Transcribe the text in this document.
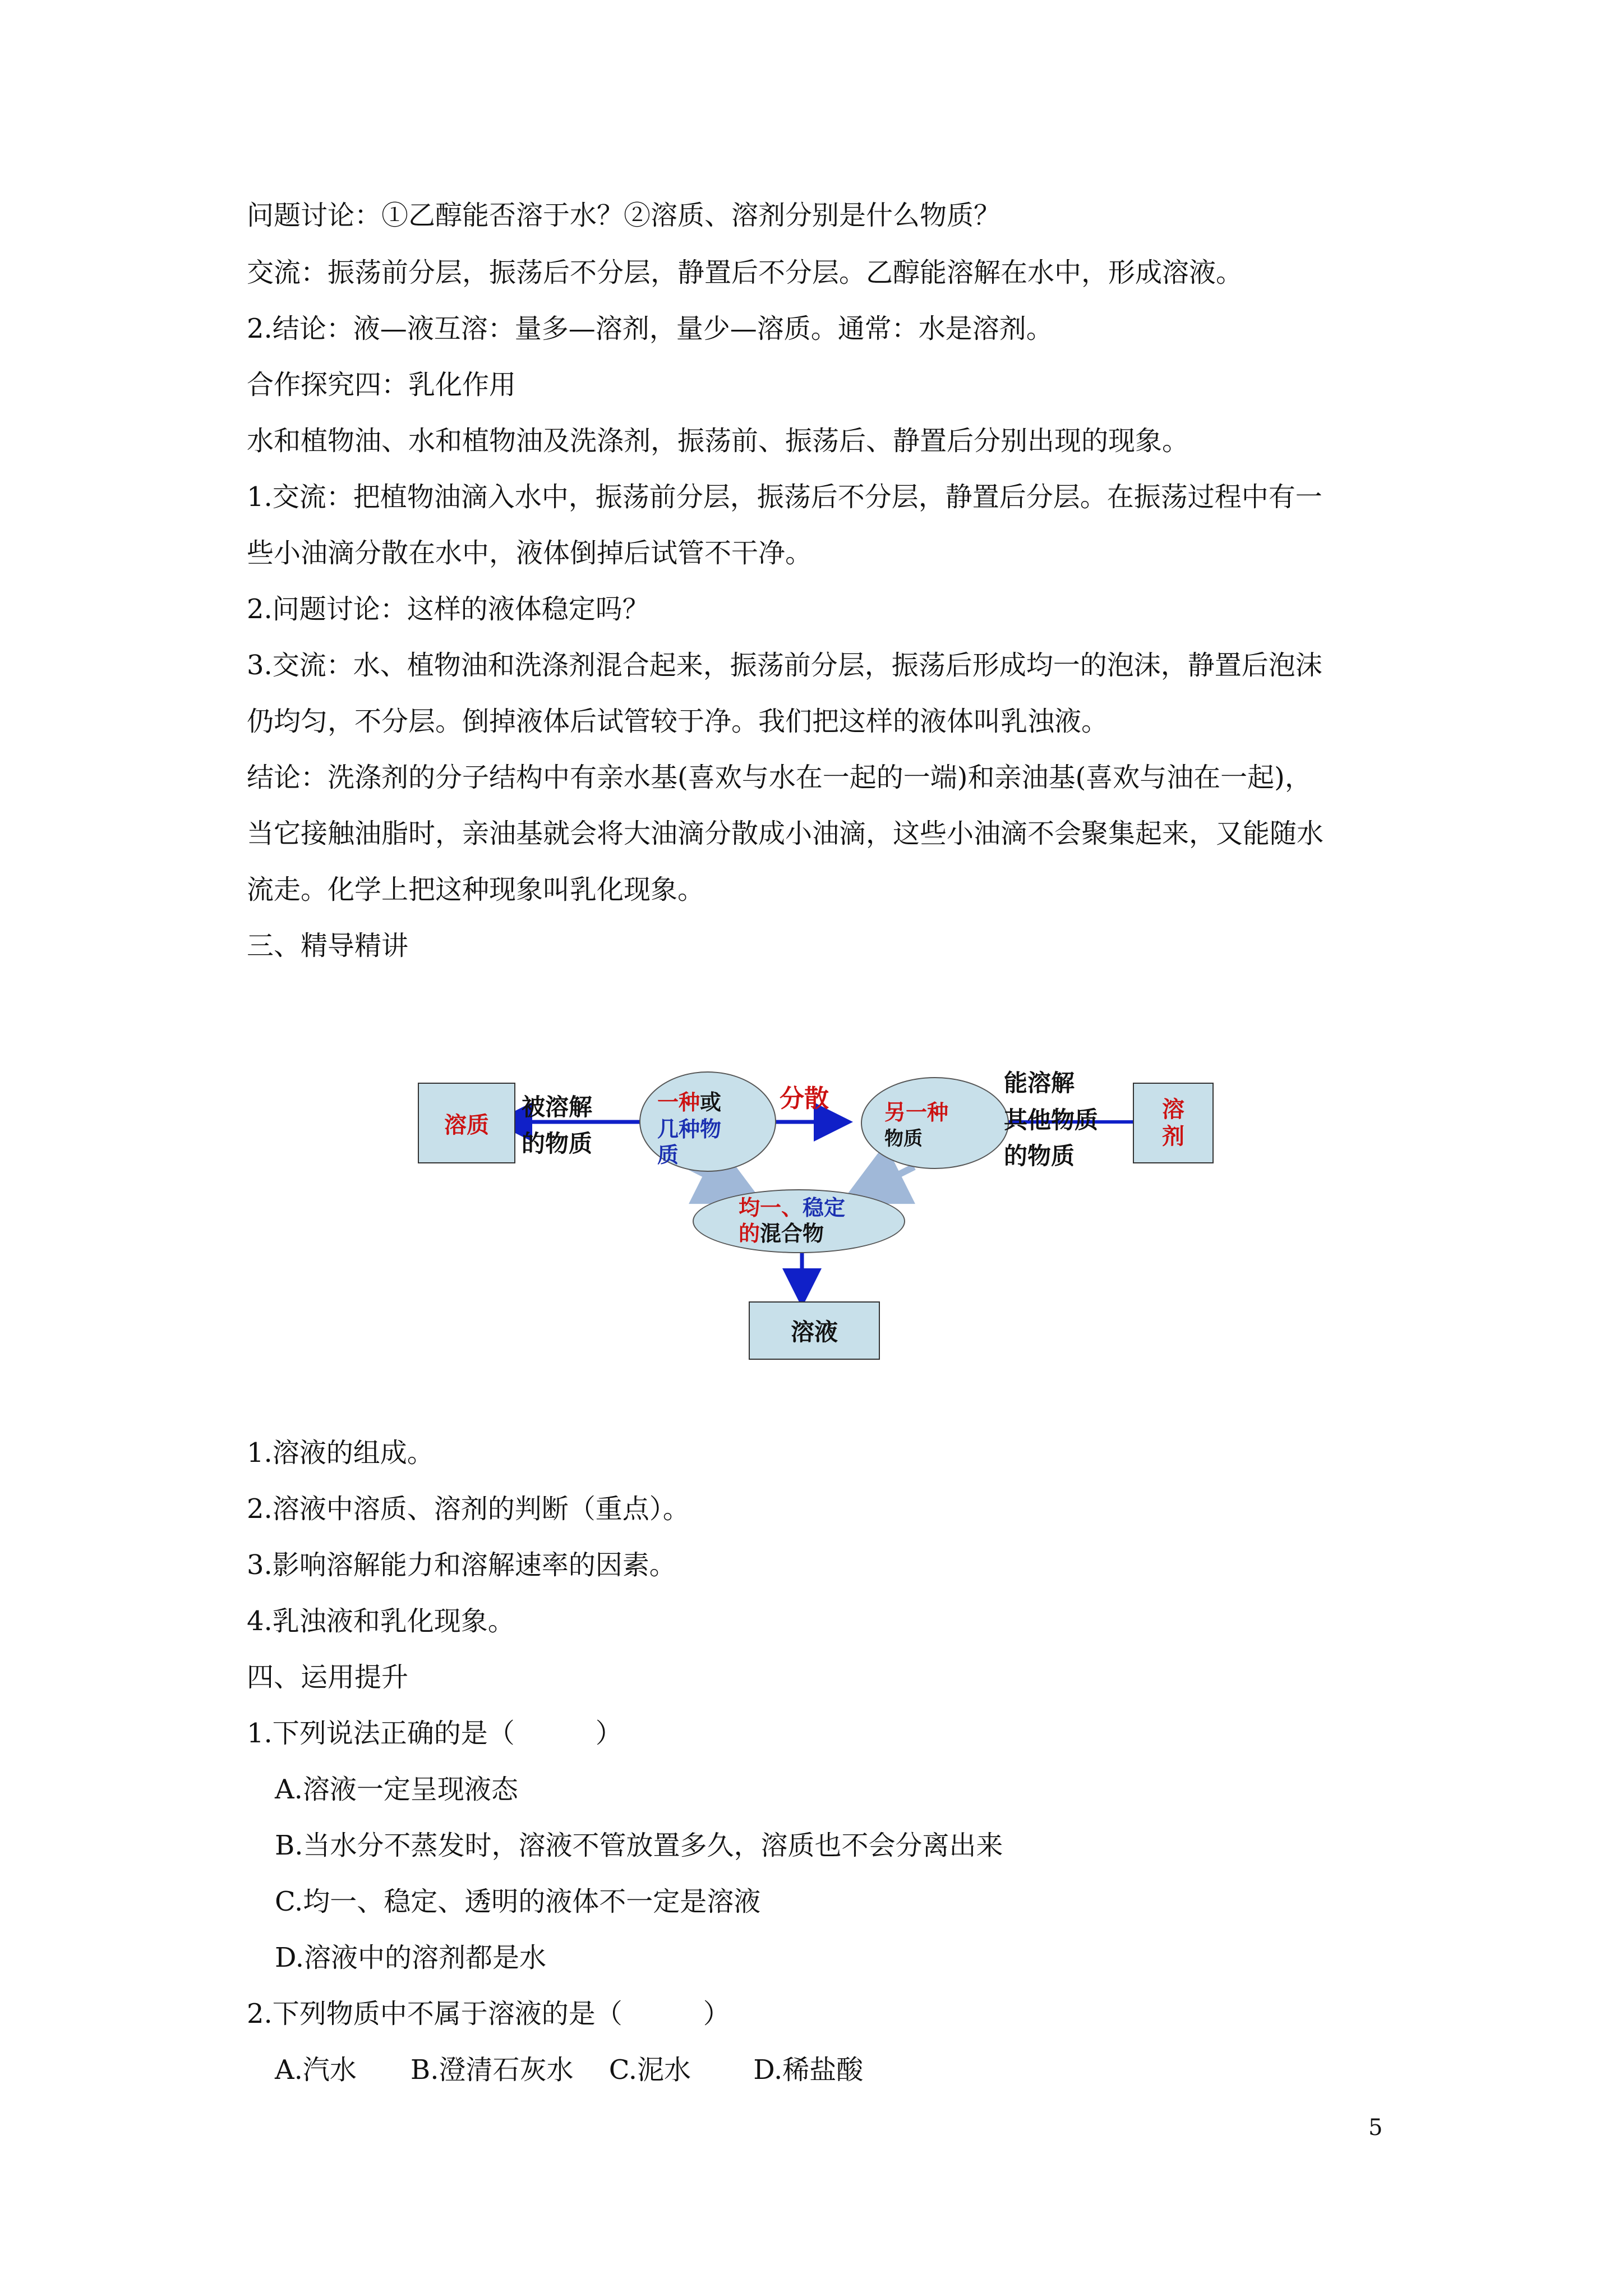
问题讨论：①乙醇能否溶于水？②溶质、溶剂分别是什么物质？
交流：振荡前分层，振荡后不分层，静置后不分层。乙醇能溶解在水中，形成溶液。
2.结论：液—液互溶：量多—溶剂，量少—溶质。通常：水是溶剂。
合作探究四：乳化作用
水和植物油、水和植物油及洗涤剂，振荡前、振荡后、静置后分别出现的现象。
1.交流：把植物油滴入水中，振荡前分层，振荡后不分层，静置后分层。在振荡过程中有一
些小油滴分散在水中，液体倒掉后试管不干净。
2.问题讨论：这样的液体稳定吗？
3.交流：水、植物油和洗涤剂混合起来，振荡前分层，振荡后形成均一的泡沫，静置后泡沫
仍均匀，不分层。倒掉液体后试管较于净。我们把这样的液体叫乳浊液。
结论：洗涤剂的分子结构中有亲水基(喜欢与水在一起的一端)和亲油基(喜欢与油在一起)，
当它接触油脂时，亲油基就会将大油滴分散成小油滴，这些小油滴不会聚集起来，又能随水
流走。化学上把这种现象叫乳化现象。
三、精导精讲
溶质
被溶解
的物质
一种或
几种物
质
分散	另一种
物质
能溶解
其他物质
的物质
溶
剂
均一、稳定
的混合物
溶液
1.溶液的组成。
2.溶液中溶质、溶剂的判断（重点）。
3.影响溶解能力和溶解速率的因素。
4.乳浊液和乳化现象。
四、运用提升
1.下列说法正确的是（　　　）
A.溶液一定呈现液态
B.当水分不蒸发时，溶液不管放置多久，溶质也不会分离出来
C.均一、稳定、透明的液体不一定是溶液
D.溶液中的溶剂都是水
2.下列物质中不属于溶液的是（　　　）
A.汽水　　B.澄清石灰水　 C.泥水　　 D.稀盐酸
5
